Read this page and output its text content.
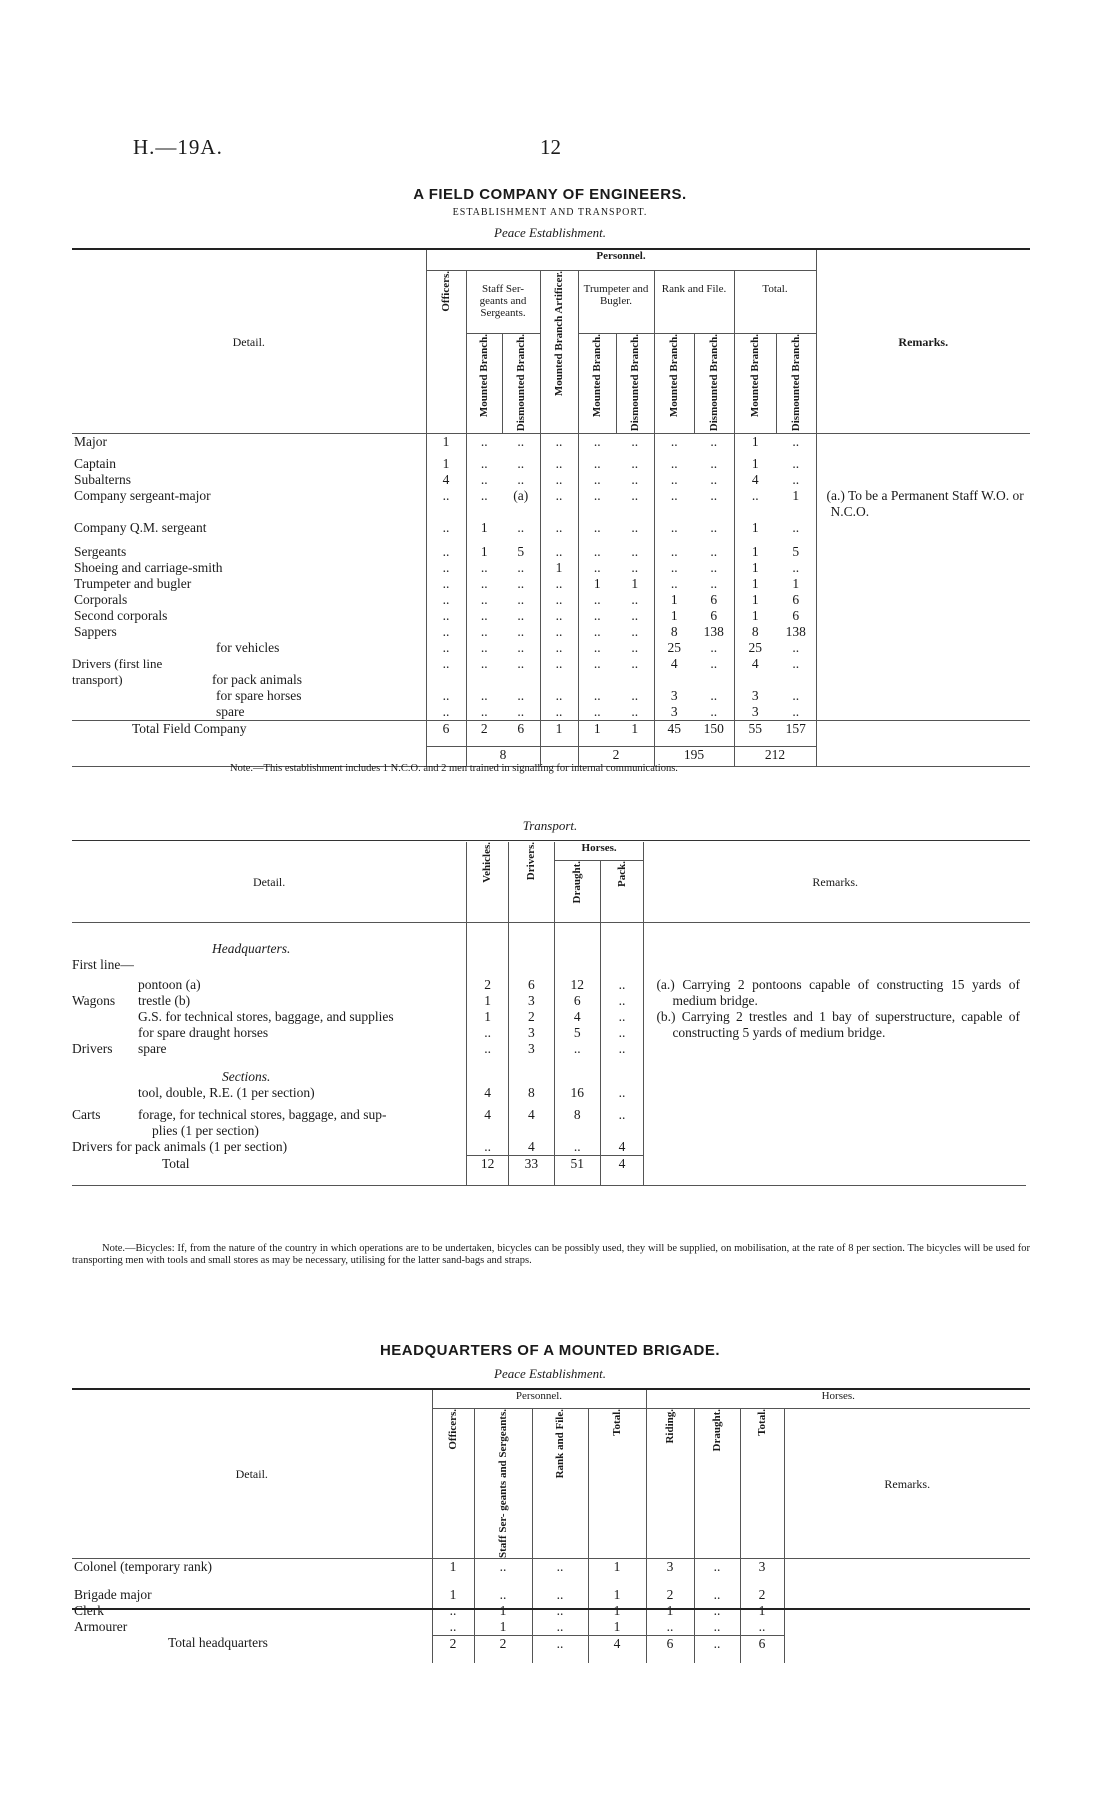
H.—19A.	12
A FIELD COMPANY OF ENGINEERS.
ESTABLISHMENT AND TRANSPORT.
Peace Establishment.
Detail.	Personnel.										Remarks.

	Officers.	Staff Ser- geants and Sergeants.		Mounted Branch Artificer.	Trumpeter and Bugler.		Rank and File.		Total.		

		Mounted Branch.	Dismounted Branch.		Mounted Branch.	Dismounted Branch.	Mounted Branch.	Dismounted Branch.	Mounted Branch.	Dismounted Branch.	

Major	1	..	..	..	..	..	..	..	1	..	
Captain	1	..	..	..	..	..	..	..	1	..	
Subalterns	4	..	..	..	..	..	..	..	4	..	
Company sergeant-major	..	..	(a)	..	..	..	..	..	..	1	(a.) To be a Permanent Staff W.O. or N.C.O.
Company Q.M. sergeant	..	1	..	..	..	..	..	..	1	..	
Sergeants	..	1	5	..	..	..	..	..	1	5	
Shoeing and carriage-smith	..	..	..	1	..	..	..	..	1	..	
Trumpeter and bugler	..	..	..	..	1	1	..	..	1	1	
Corporals	..	..	..	..	..	..	1	6	1	6	
Second corporals	..	..	..	..	..	..	1	6	1	6	
Sappers	..	..	..	..	..	..	8	138	8	138	
for vehicles	..	..	..	..	..	..	25	..	25	..	
Drivers (first line transport) for pack animals	..	..	..	..	..	..	4	..	4	..	
for spare horses	..	..	..	..	..	..	3	..	3	..	
spare	..	..	..	..	..	..	3	..	3	..	
Total Field Company	6	2	6	1	1	1	45	150	55	157	
		8			2		195		212		

Note.—This establishment includes 1 N.C.O. and 2 men trained in signalling for internal communications.
Transport.
Detail.	Vehicles.	Drivers.	Horses.		Remarks.	

			Draught.	Pack.		

Headquarters.						
First line—						
pontoon (a)	2	6	12	..	(a.) Carrying 2 pontoons capable of constructing 15 yards of medium bridge.	
Wagons trestle (b)	1	3	6	..		
G.S. for technical stores, baggage, and supplies	1	2	4	..	(b.) Carrying 2 trestles and 1 bay of superstructure, capable of constructing 5 yards of medium bridge.	
for spare draught horses	..	3	5	..		
Drivers spare	..	3	..	..		
Sections.						
tool, double, R.E. (1 per section)	4	8	16	..		
Carts forage, for technical stores, baggage, and sup-	4	4	8	..		
plies (1 per section)						
Drivers for pack animals (1 per section)	..	4	..	4		
Total	12	33	51	4		

Note.—Bicycles: If, from the nature of the country in which operations are to be undertaken, bicycles can be possibly used, they will be supplied, on mobilisation, at the rate of 8 per section. The bicycles will be used for transporting men with tools and small stores as may be necessary, utilising for the latter sand-bags and straps.
HEADQUARTERS OF A MOUNTED BRIGADE.
Peace Establishment.
Detail.	Personnel.				Horses.			

	Officers.	Staff Ser- geants and Sergeants.	Rank and File.	Total.	Riding.	Draught.	Total.	Remarks.
Colonel (temporary rank)	1	..	..	1	3	..	3	
Brigade major	1	..	..	1	2	..	2	
Clerk	..	1	..	1	1	..	1	
Armourer	..	1	..	1	..	..	..	
Total headquarters	2	2	..	4	6	..	6	
